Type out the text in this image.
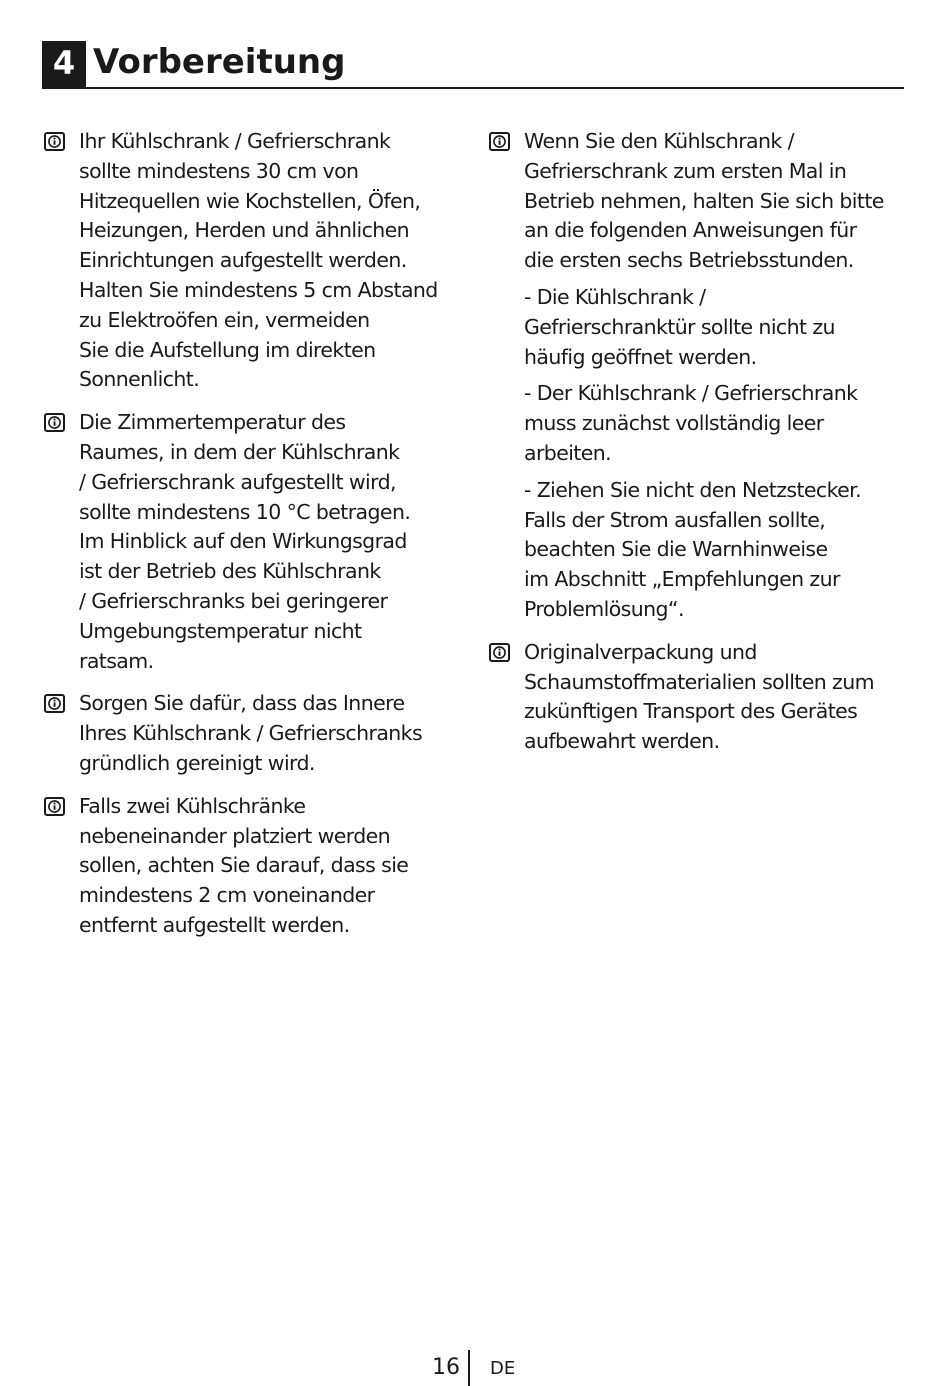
4 Vorbereitung

Ihr Kühlschrank / Gefrierschrank
sollte mindestens 30 cm von
Hitzequellen wie Kochstellen, Öfen,
Heizungen, Herden und ähnlichen
Einrichtungen aufgestellt werden.
Halten Sie mindestens 5 cm Abstand
zu Elektroöfen ein, vermeiden
Sie die Aufstellung im direkten
Sonnenlicht.

Die Zimmertemperatur des
Raumes, in dem der Kühlschrank
/ Gefrierschrank aufgestellt wird,
sollte mindestens 10 °C betragen.
Im Hinblick auf den Wirkungsgrad
ist der Betrieb des Kühlschrank
/ Gefrierschranks bei geringerer
Umgebungstemperatur nicht
ratsam.

Sorgen Sie dafür, dass das Innere
Ihres Kühlschrank / Gefrierschranks
gründlich gereinigt wird.

Falls zwei Kühlschränke
nebeneinander platziert werden
sollen, achten Sie darauf, dass sie
mindestens 2 cm voneinander
entfernt aufgestellt werden.

Wenn Sie den Kühlschrank /
Gefrierschrank zum ersten Mal in
Betrieb nehmen, halten Sie sich bitte
an die folgenden Anweisungen für
die ersten sechs Betriebsstunden.

- Die Kühlschrank /
Gefrierschranktür sollte nicht zu
häufig geöffnet werden.

- Der Kühlschrank / Gefrierschrank
muss zunächst vollständig leer
arbeiten.

- Ziehen Sie nicht den Netzstecker.
Falls der Strom ausfallen sollte,
beachten Sie die Warnhinweise
im Abschnitt „Empfehlungen zur
Problemlösung“.

Originalverpackung und
Schaumstoffmaterialien sollten zum
zukünftigen Transport des Gerätes
aufbewahrt werden.

16 DE
